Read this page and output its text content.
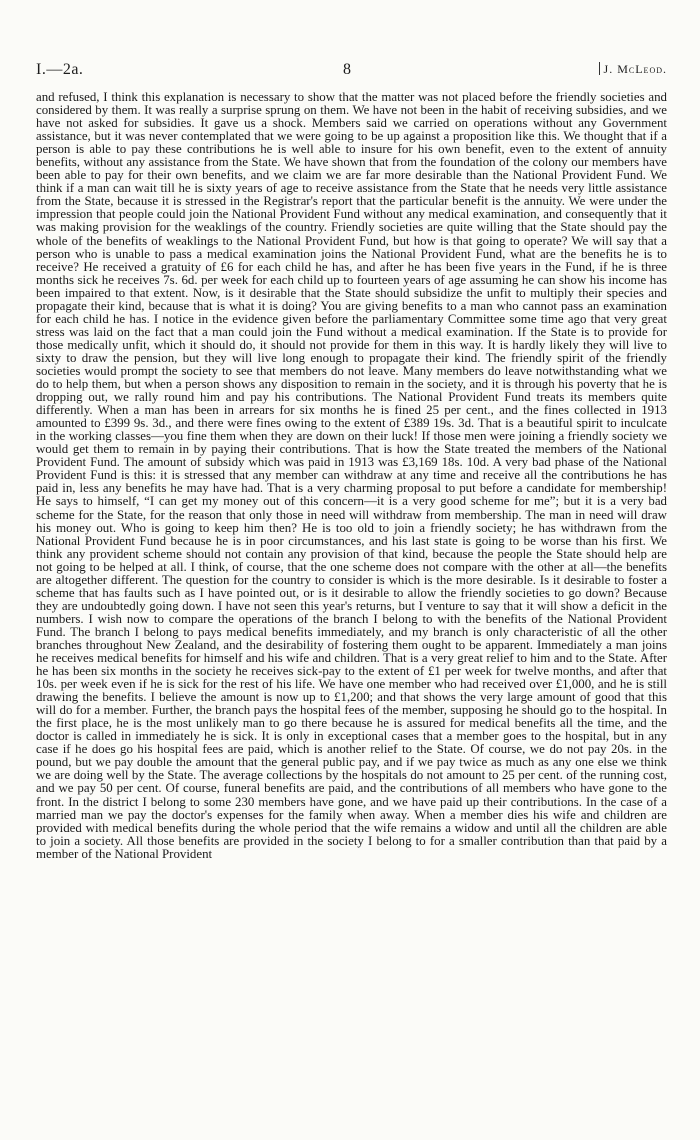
I.—2a.	8	J. McLeod.

and refused, I think this explanation is necessary to show that the matter was not placed before the friendly societies and considered by them. It was really a surprise sprung on them. We have not been in the habit of receiving subsidies, and we have not asked for subsidies. It gave us a shock. Members said we carried on operations without any Government assistance, but it was never contemplated that we were going to be up against a proposition like this. We thought that if a person is able to pay these contributions he is well able to insure for his own benefit, even to the extent of annuity benefits, without any assistance from the State. We have shown that from the foundation of the colony our members have been able to pay for their own benefits, and we claim we are far more desirable than the National Provident Fund. We think if a man can wait till he is sixty years of age to receive assistance from the State that he needs very little assistance from the State, because it is stressed in the Registrar's report that the particular benefit is the annuity. We were under the impression that people could join the National Provident Fund without any medical examination, and consequently that it was making provision for the weaklings of the country. Friendly societies are quite willing that the State should pay the whole of the benefits of weaklings to the National Provident Fund, but how is that going to operate? We will say that a person who is unable to pass a medical examination joins the National Provident Fund, what are the benefits he is to receive? He received a gratuity of £6 for each child he has, and after he has been five years in the Fund, if he is three months sick he receives 7s. 6d. per week for each child up to fourteen years of age assuming he can show his income has been impaired to that extent. Now, is it desirable that the State should subsidize the unfit to multiply their species and propagate their kind, because that is what it is doing? You are giving benefits to a man who cannot pass an examination for each child he has. I notice in the evidence given before the parliamentary Committee some time ago that very great stress was laid on the fact that a man could join the Fund without a medical examination. If the State is to provide for those medically unfit, which it should do, it should not provide for them in this way. It is hardly likely they will live to sixty to draw the pension, but they will live long enough to propagate their kind. The friendly spirit of the friendly societies would prompt the society to see that members do not leave. Many members do leave notwithstanding what we do to help them, but when a person shows any disposition to remain in the society, and it is through his poverty that he is dropping out, we rally round him and pay his contributions. The National Provident Fund treats its members quite differently. When a man has been in arrears for six months he is fined 25 per cent., and the fines collected in 1913 amounted to £399 9s. 3d., and there were fines owing to the extent of £389 19s. 3d. That is a beautiful spirit to inculcate in the working classes—you fine them when they are down on their luck! If those men were joining a friendly society we would get them to remain in by paying their contributions. That is how the State treated the members of the National Provident Fund. The amount of subsidy which was paid in 1913 was £3,169 18s. 10d. A very bad phase of the National Provident Fund is this: it is stressed that any member can withdraw at any time and receive all the contributions he has paid in, less any benefits he may have had. That is a very charming proposal to put before a candidate for membership! He says to himself, “I can get my money out of this concern—it is a very good scheme for me”; but it is a very bad scheme for the State, for the reason that only those in need will withdraw from membership. The man in need will draw his money out. Who is going to keep him then? He is too old to join a friendly society; he has withdrawn from the National Provident Fund because he is in poor circumstances, and his last state is going to be worse than his first. We think any provident scheme should not contain any provision of that kind, because the people the State should help are not going to be helped at all. I think, of course, that the one scheme does not compare with the other at all—the benefits are altogether different. The question for the country to consider is which is the more desirable. Is it desirable to foster a scheme that has faults such as I have pointed out, or is it desirable to allow the friendly societies to go down? Because they are undoubtedly going down. I have not seen this year's returns, but I venture to say that it will show a deficit in the numbers. I wish now to compare the operations of the branch I belong to with the benefits of the National Provident Fund. The branch I belong to pays medical benefits immediately, and my branch is only characteristic of all the other branches throughout New Zealand, and the desirability of fostering them ought to be apparent. Immediately a man joins he receives medical benefits for himself and his wife and children. That is a very great relief to him and to the State. After he has been six months in the society he receives sick-pay to the extent of £1 per week for twelve months, and after that 10s. per week even if he is sick for the rest of his life. We have one member who had received over £1,000, and he is still drawing the benefits. I believe the amount is now up to £1,200; and that shows the very large amount of good that this will do for a member. Further, the branch pays the hospital fees of the member, supposing he should go to the hospital. In the first place, he is the most unlikely man to go there because he is assured for medical benefits all the time, and the doctor is called in immediately he is sick. It is only in exceptional cases that a member goes to the hospital, but in any case if he does go his hospital fees are paid, which is another relief to the State. Of course, we do not pay 20s. in the pound, but we pay double the amount that the general public pay, and if we pay twice as much as any one else we think we are doing well by the State. The average collections by the hospitals do not amount to 25 per cent. of the running cost, and we pay 50 per cent. Of course, funeral benefits are paid, and the contributions of all members who have gone to the front. In the district I belong to some 230 members have gone, and we have paid up their contributions. In the case of a married man we pay the doctor's expenses for the family when away. When a member dies his wife and children are provided with medical benefits during the whole period that the wife remains a widow and until all the children are able to join a society. All those benefits are provided in the society I belong to for a smaller contribution than that paid by a member of the National Provident
